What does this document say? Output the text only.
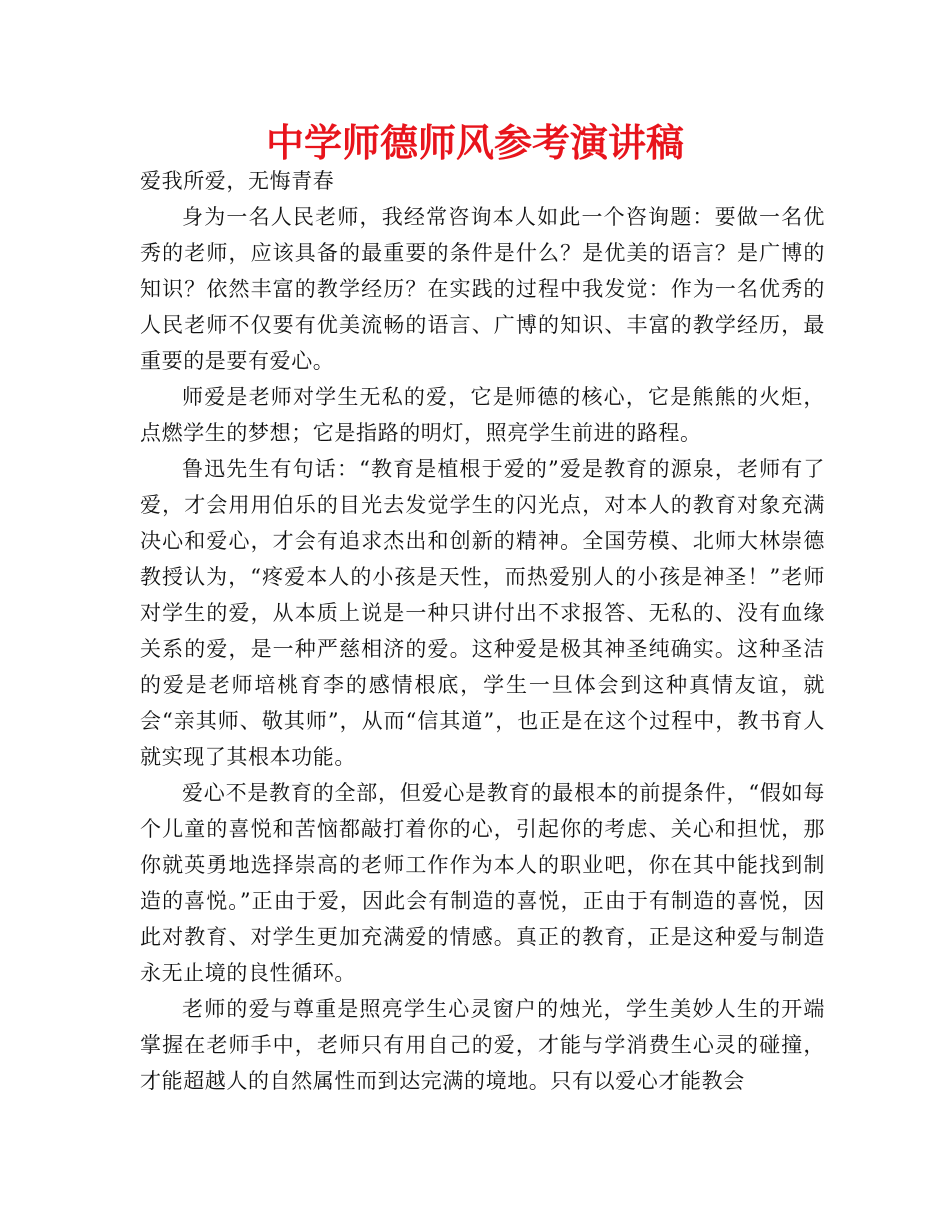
中学师德师风参考演讲稿

爱我所爱，无悔青春

身为一名人民老师，我经常咨询本人如此一个咨询题：要做一名优秀的老师，应该具备的最重要的条件是什么？是优美的语言？是广博的知识？依然丰富的教学经历？在实践的过程中我发觉：作为一名优秀的人民老师不仅要有优美流畅的语言、广博的知识、丰富的教学经历，最重要的是要有爱心。

师爱是老师对学生无私的爱，它是师德的核心，它是熊熊的火炬，点燃学生的梦想；它是指路的明灯，照亮学生前进的路程。

鲁迅先生有句话：“教育是植根于爱的”爱是教育的源泉，老师有了爱，才会用用伯乐的目光去发觉学生的闪光点，对本人的教育对象充满决心和爱心，才会有追求杰出和创新的精神。全国劳模、北师大林崇德教授认为，“疼爱本人的小孩是天性，而热爱别人的小孩是神圣！”老师对学生的爱，从本质上说是一种只讲付出不求报答、无私的、没有血缘关系的爱，是一种严慈相济的爱。这种爱是极其神圣纯确实。这种圣洁的爱是老师培桃育李的感情根底，学生一旦体会到这种真情友谊，就会“亲其师、敬其师”，从而“信其道”，也正是在这个过程中，教书育人就实现了其根本功能。

爱心不是教育的全部，但爱心是教育的最根本的前提条件，“假如每个儿童的喜悦和苦恼都敲打着你的心，引起你的考虑、关心和担忧，那你就英勇地选择崇高的老师工作作为本人的职业吧，你在其中能找到制造的喜悦。”正由于爱，因此会有制造的喜悦，正由于有制造的喜悦，因此对教育、对学生更加充满爱的情感。真正的教育，正是这种爱与制造永无止境的良性循环。

老师的爱与尊重是照亮学生心灵窗户的烛光，学生美妙人生的开端掌握在老师手中，老师只有用自己的爱，才能与学消费生心灵的碰撞，才能超越人的自然属性而到达完满的境地。只有以爱心才能教会
